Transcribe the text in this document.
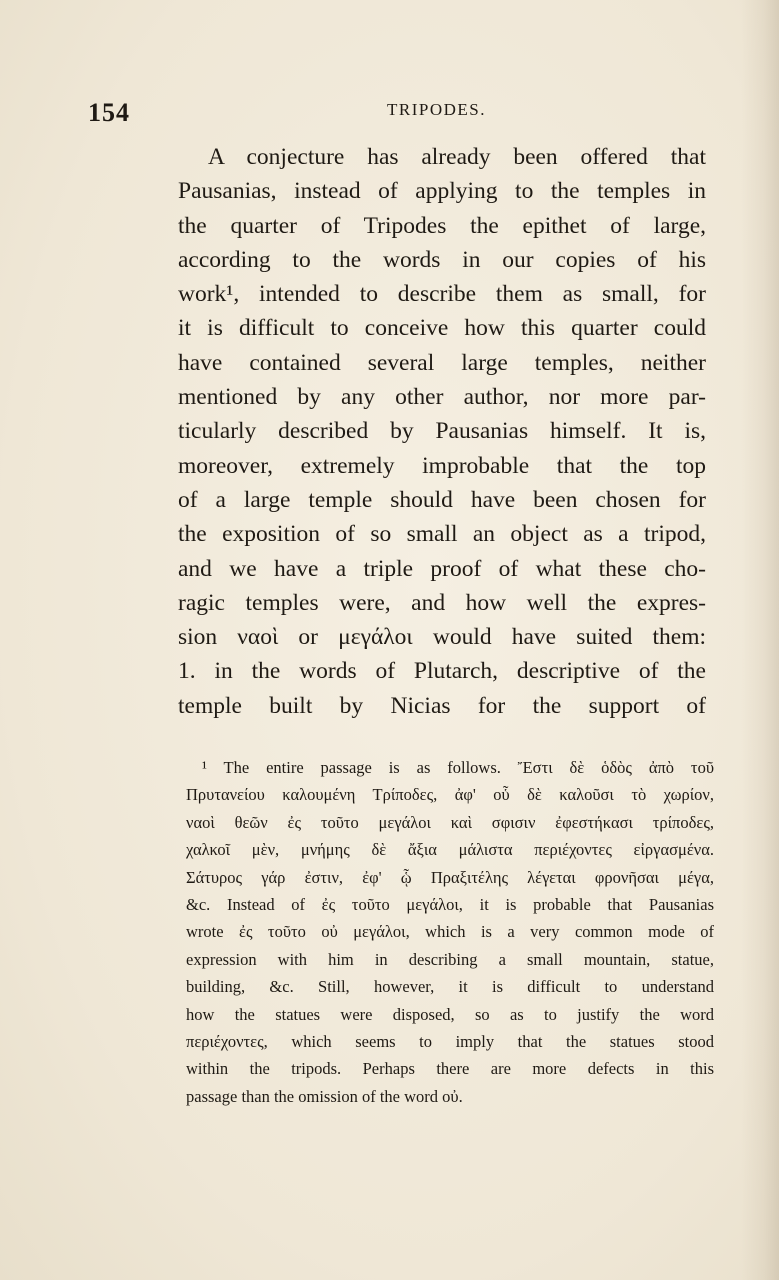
154	TRIPODES.
A conjecture has already been offered that
Pausanias, instead of applying to the temples in
the quarter of Tripodes the epithet of large,
according to the words in our copies of his
work¹, intended to describe them as small, for
it is difficult to conceive how this quarter could
have contained several large temples, neither
mentioned by any other author, nor more par-
ticularly described by Pausanias himself. It is,
moreover, extremely improbable that the top
of a large temple should have been chosen for
the exposition of so small an object as a tripod,
and we have a triple proof of what these cho-
ragic temples were, and how well the expres-
sion ναοὶ or μεγάλοι would have suited them:
1. in the words of Plutarch, descriptive of the
temple built by Nicias for the support of
¹ The entire passage is as follows. Ἔστι δὲ ὁδὸς ἀπὸ τοῦ
Πρυτανείου καλουμένη Τρίποδες, ἀφ' οὗ δὲ καλοῦσι τὸ χωρίον,
ναοὶ θεῶν ἐς τοῦτο μεγάλοι καὶ σφισιν ἐφεστήκασι τρίποδες,
χαλκοῖ μὲν, μνήμης δὲ ἄξια μάλιστα περιέχοντες εἰργασμένα.
Σάτυρος γάρ ἐστιν, ἐφ' ᾧ Πραξιτέλης λέγεται φρονῆσαι μέγα,
&c. Instead of ἐς τοῦτο μεγάλοι, it is probable that Pausanias
wrote ἐς τοῦτο οὐ μεγάλοι, which is a very common mode of
expression with him in describing a small mountain, statue,
building, &c. Still, however, it is difficult to understand
how the statues were disposed, so as to justify the word
περιέχοντες, which seems to imply that the statues stood
within the tripods. Perhaps there are more defects in this
passage than the omission of the word οὐ.
